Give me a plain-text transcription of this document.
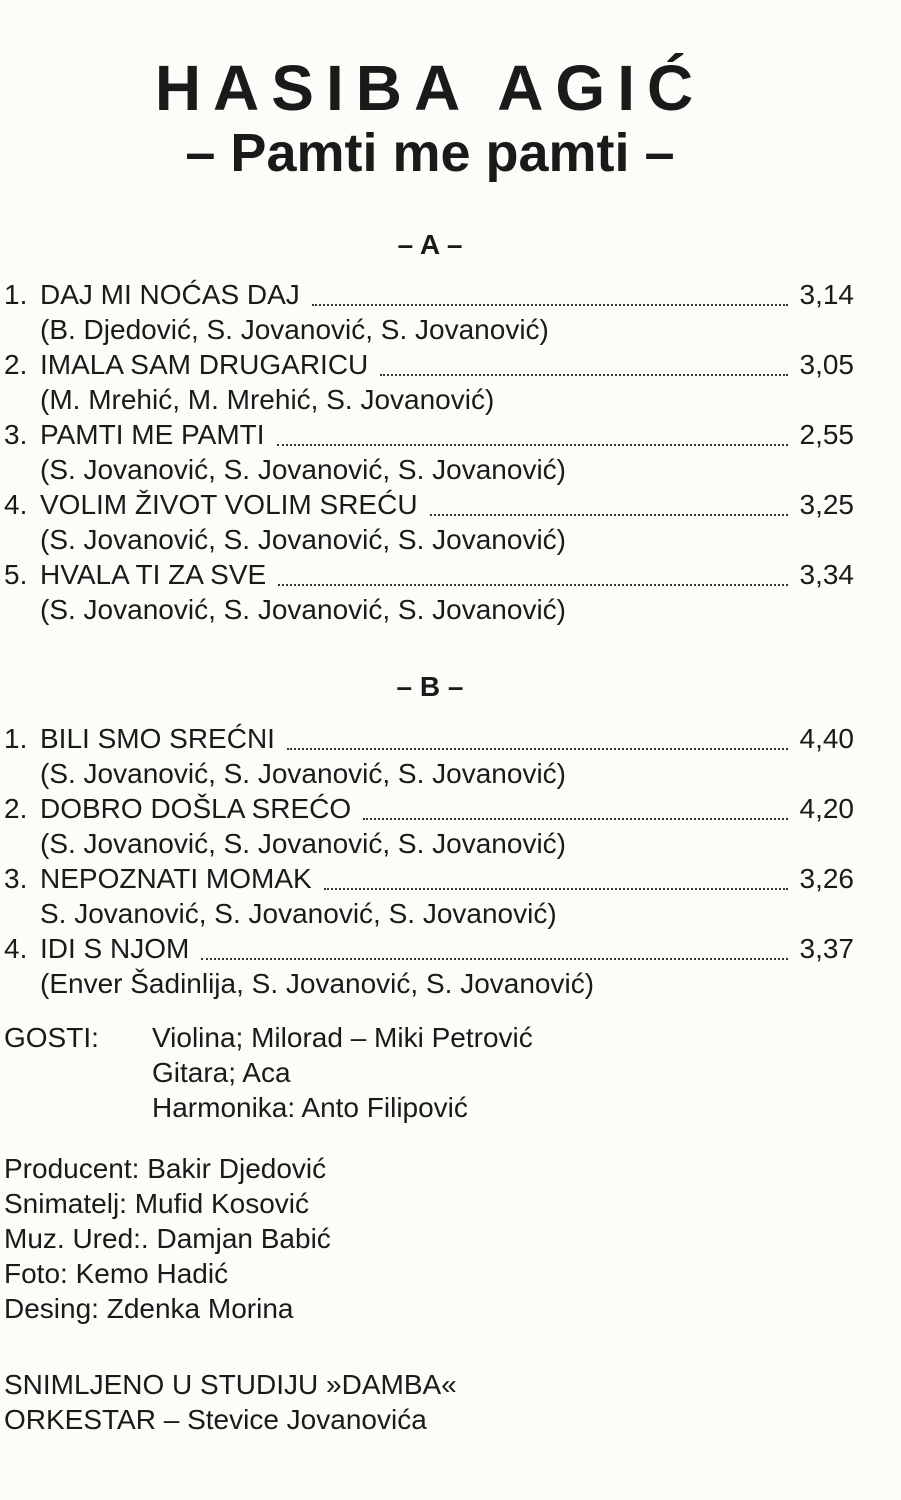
HASIBA AGIĆ
– Pamti me pamti –
– A –
1. DAJ MI NOĆAS DAJ	3,14
(B. Djedović, S. Jovanović, S. Jovanović)
2. IMALA SAM DRUGARICU	3,05
(M. Mrehić, M. Mrehić, S. Jovanović)
3. PAMTI ME PAMTI	2,55
(S. Jovanović, S. Jovanović, S. Jovanović)
4. VOLIM ŽIVOT VOLIM SREĆU	3,25
(S. Jovanović, S. Jovanović, S. Jovanović)
5. HVALA TI ZA SVE	3,34
(S. Jovanović, S. Jovanović, S. Jovanović)
– B –
1. BILI SMO SREĆNI	4,40
(S. Jovanović, S. Jovanović, S. Jovanović)
2. DOBRO DOŠLA SREĆO	4,20
(S. Jovanović, S. Jovanović, S. Jovanović)
3. NEPOZNATI MOMAK	3,26
S. Jovanović, S. Jovanović, S. Jovanović)
4. IDI S NJOM	3,37
(Enver Šadinlija, S. Jovanović, S. Jovanović)
GOSTI: Violina; Milorad – Miki Petrović
Gitara; Aca
Harmonika: Anto Filipović
Producent: Bakir Djedović
Snimatelj: Mufid Kosović
Muz. Ured:. Damjan Babić
Foto: Kemo Hadić
Desing: Zdenka Morina
SNIMLJENO U STUDIJU »DAMBA«
ORKESTAR – Stevice Jovanovića
